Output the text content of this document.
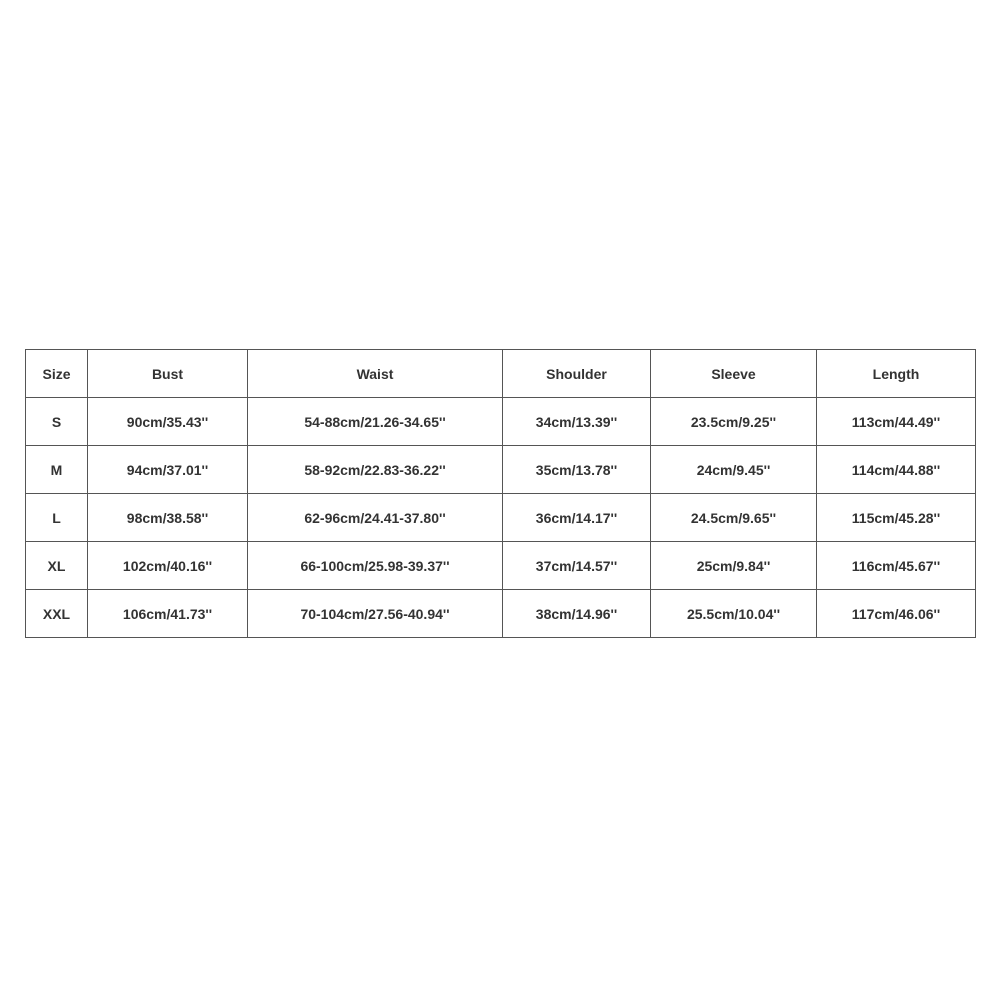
Size	Bust	Waist	Shoulder	Sleeve	Length
S	90cm/35.43''	54-88cm/21.26-34.65''	34cm/13.39''	23.5cm/9.25''	113cm/44.49''
M	94cm/37.01''	58-92cm/22.83-36.22''	35cm/13.78''	24cm/9.45''	114cm/44.88''
L	98cm/38.58''	62-96cm/24.41-37.80''	36cm/14.17''	24.5cm/9.65''	115cm/45.28''
XL	102cm/40.16''	66-100cm/25.98-39.37''	37cm/14.57''	25cm/9.84''	116cm/45.67''
XXL	106cm/41.73''	70-104cm/27.56-40.94''	38cm/14.96''	25.5cm/10.04''	117cm/46.06''
